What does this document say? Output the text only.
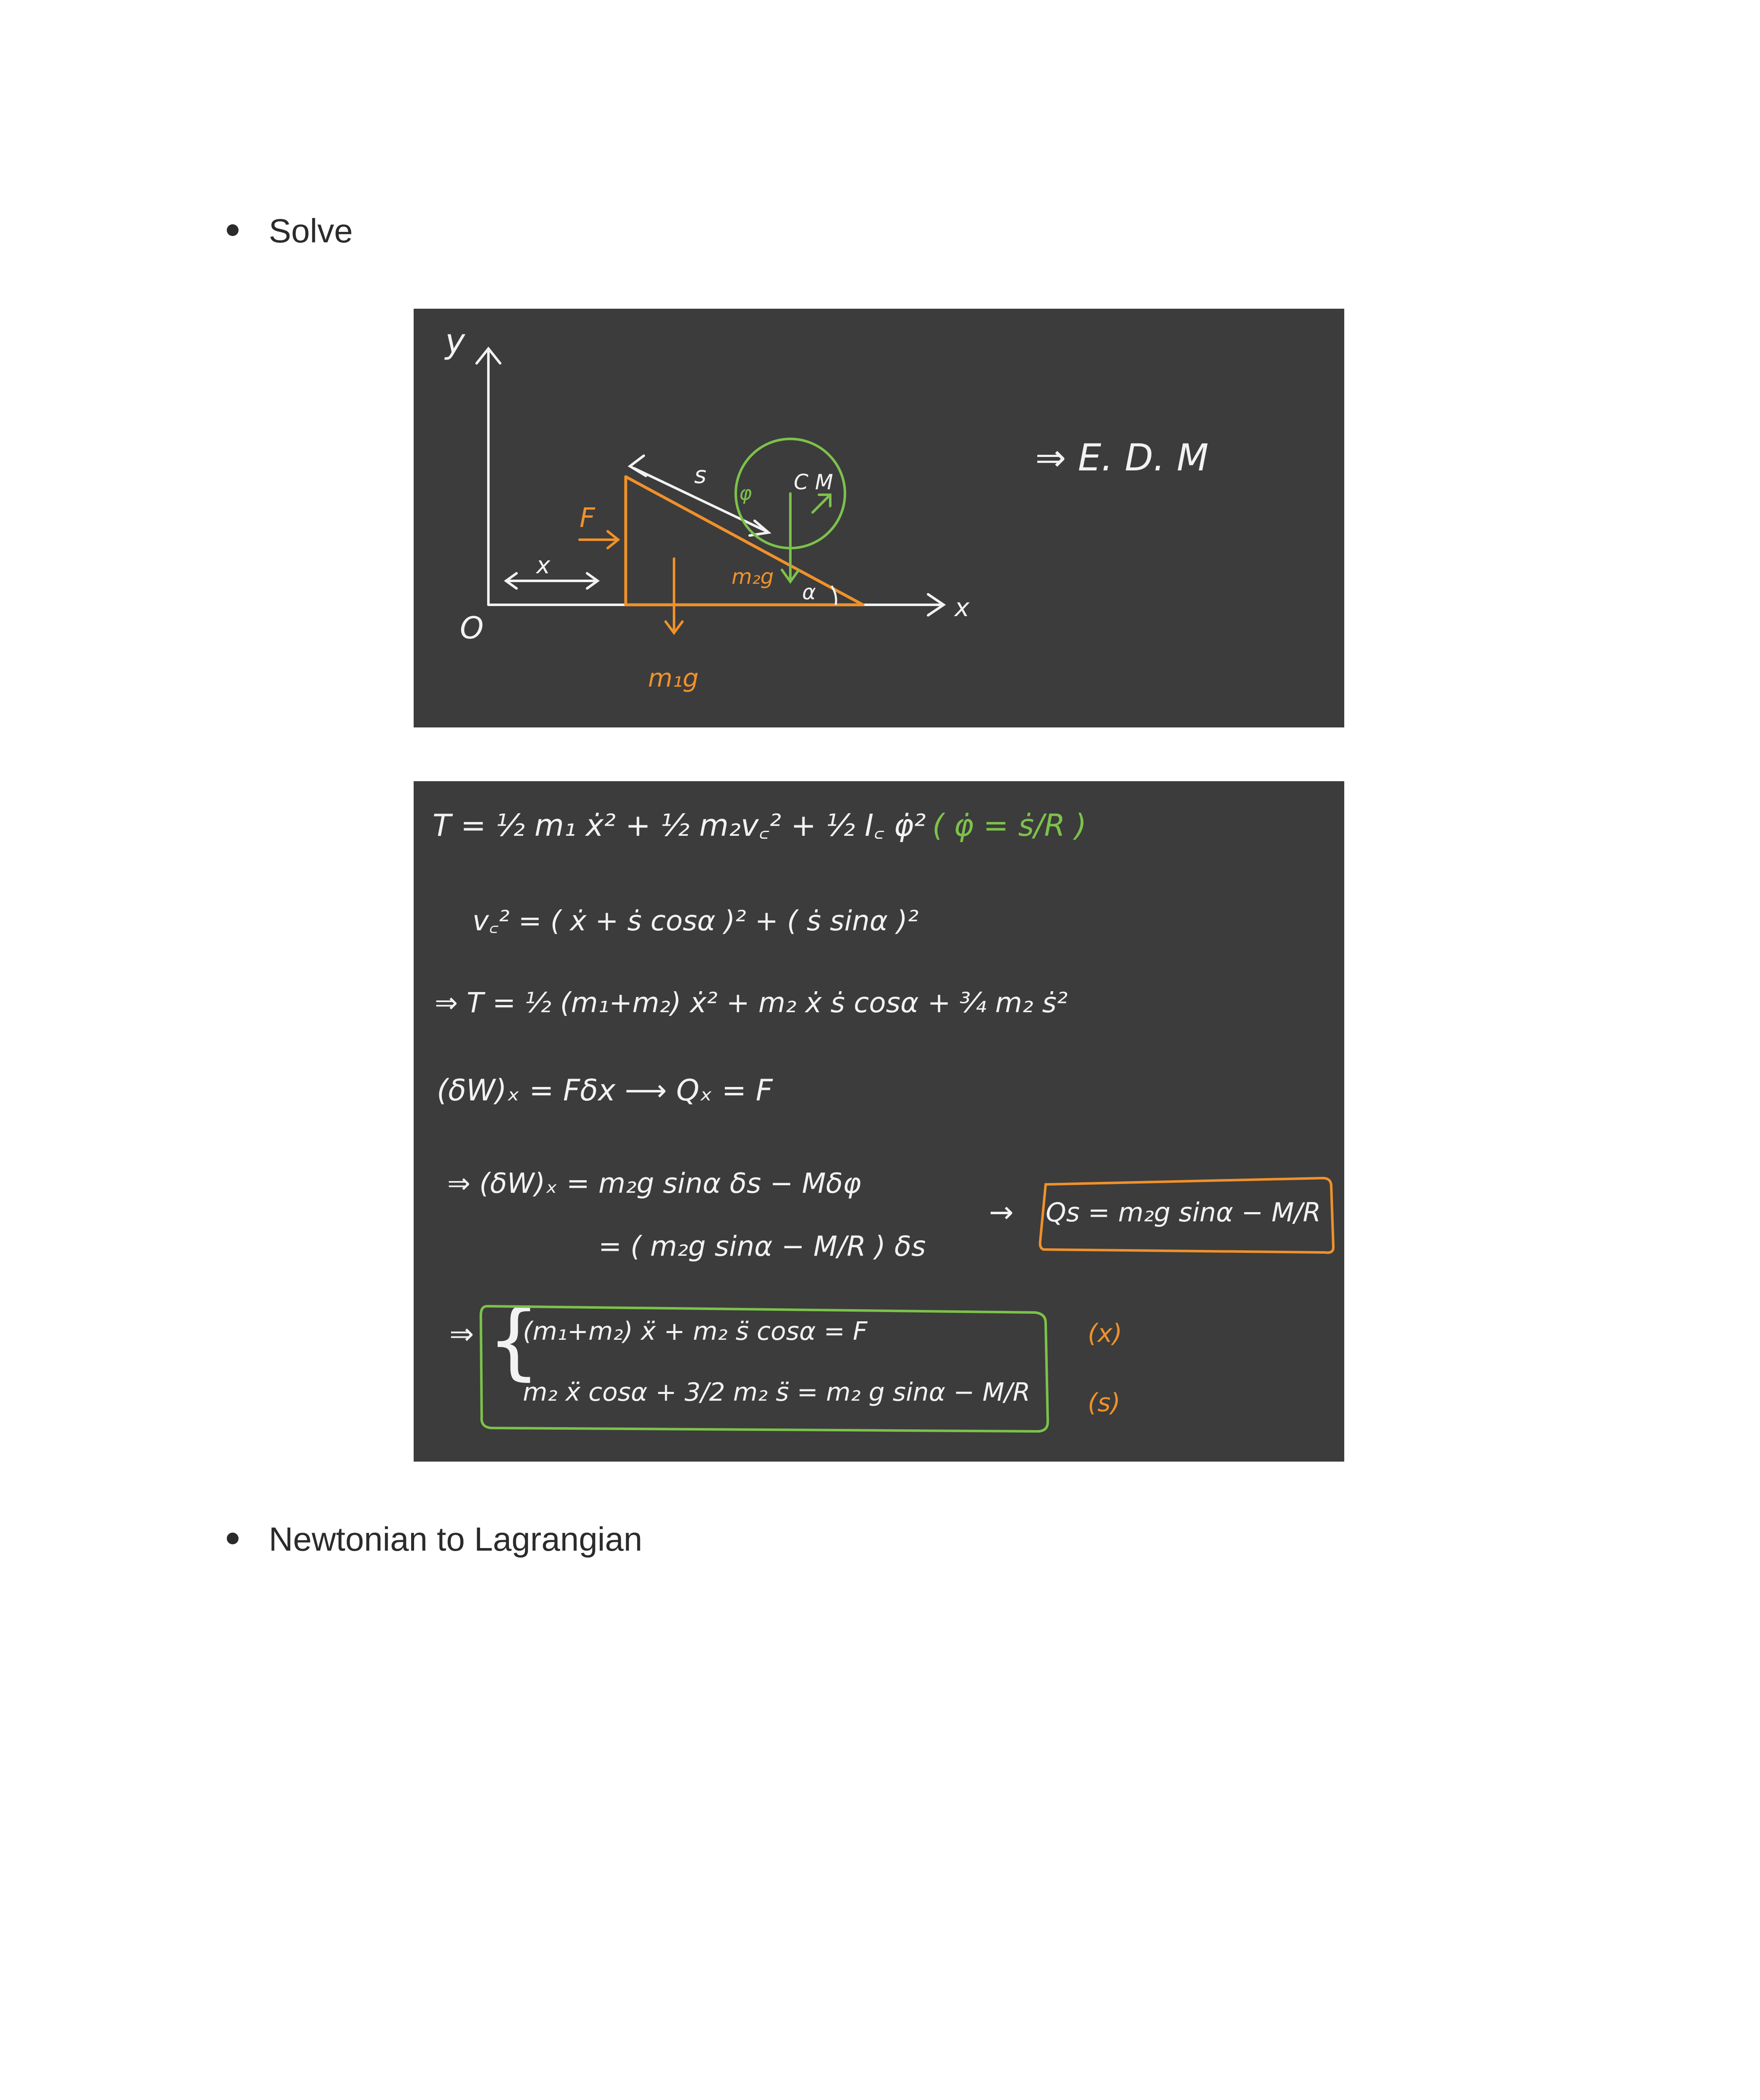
Solve
y
x
O
x
F
s	C M
φ
m₂g
m₁g
α
⇒ E. D. M
T = ½ m₁ ẋ² + ½ m₂v꜀² + ½ I꜀ φ̇² ( φ̇ = ṡ/R )
v꜀² = ( ẋ + ṡ cosα )² + ( ṡ sinα )²
⇒ T = ½ (m₁+m₂) ẋ² + m₂ ẋ ṡ cosα + ¾ m₂ ṡ²
(δW)ₓ = Fδx ⟶ Qₓ = F
⇒ (δW)ₓ = m₂g sinα δs − Mδφ
= ( m₂g sinα − M/R ) δs
→ Qs = m₂g sinα − M/R
⇒ {
(m₁+m₂) ẍ + m₂ s̈ cosα = F
m₂ ẍ cosα + 3/2 m₂ s̈ = m₂ g sinα − M/R
(x)
(s)
Newtonian to Lagrangian
